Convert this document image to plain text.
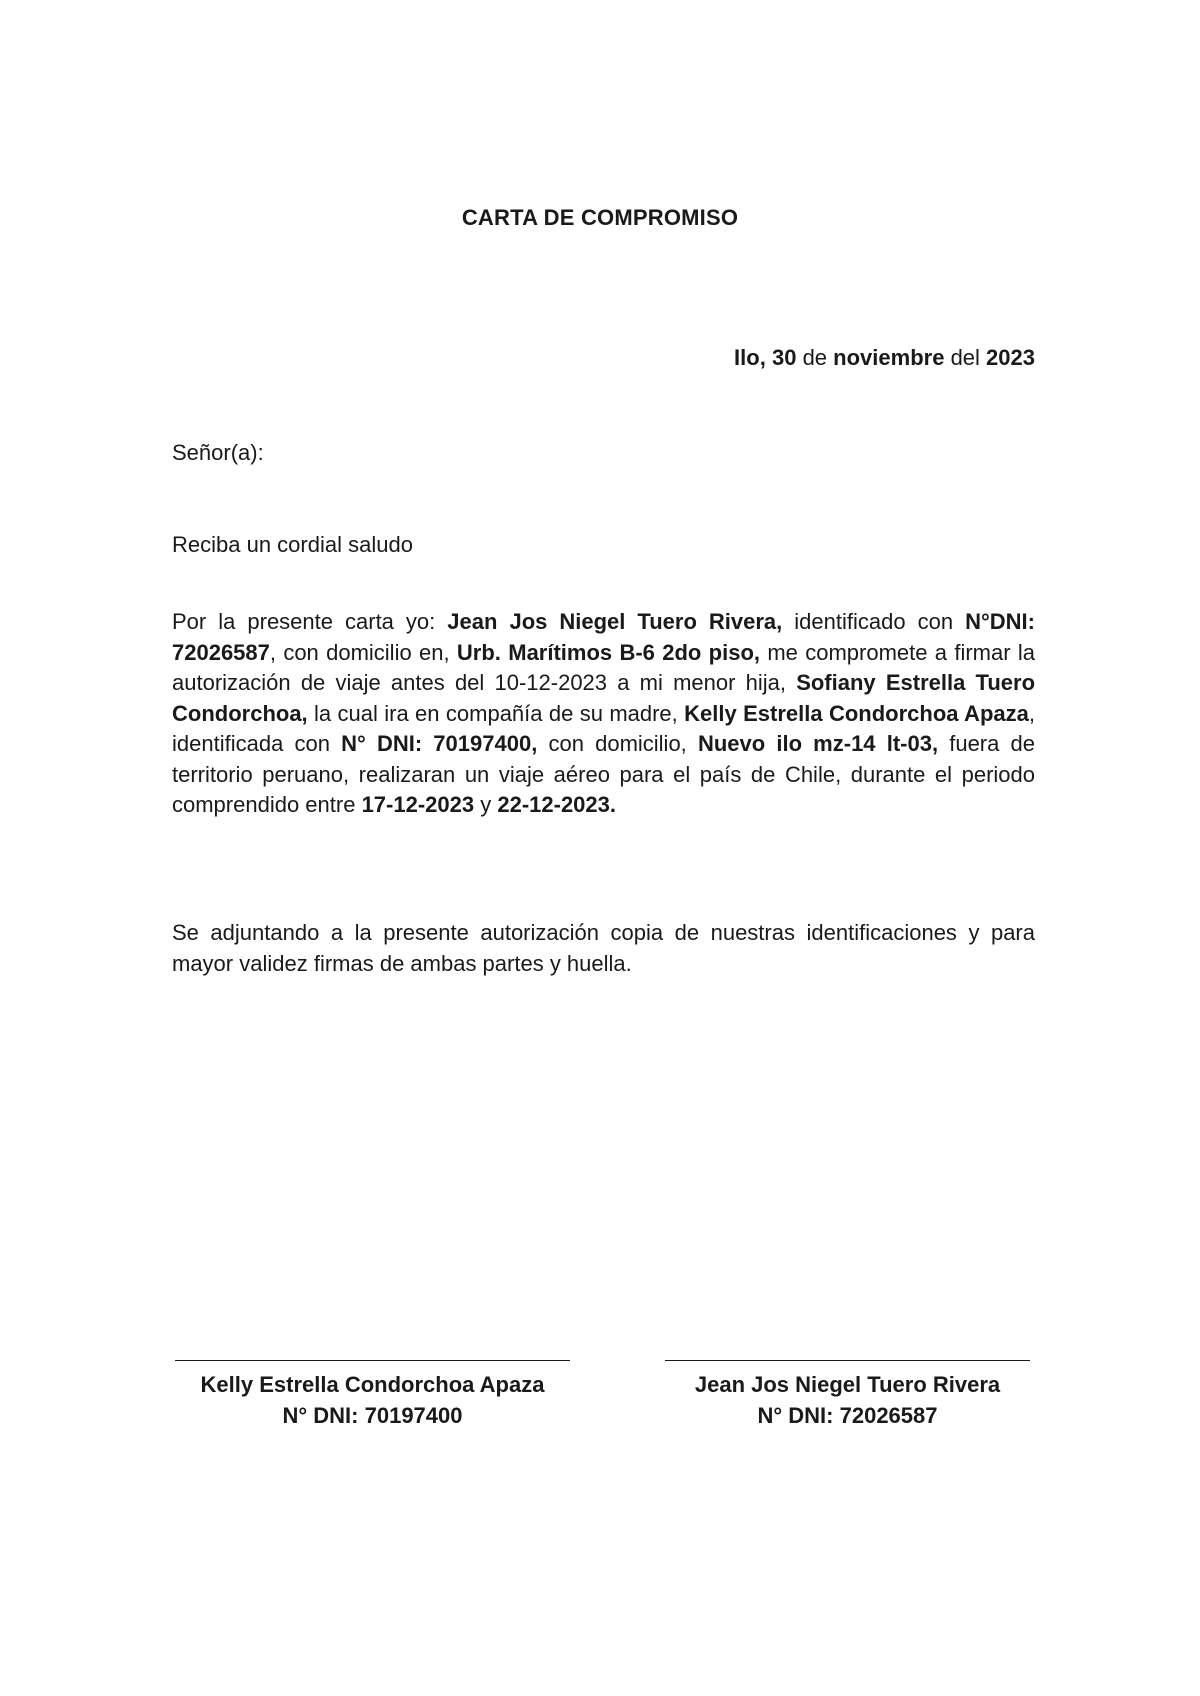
CARTA DE COMPROMISO
Ilo, 30 de noviembre del 2023
Señor(a):
Reciba un cordial saludo
Por la presente carta yo: Jean Jos Niegel Tuero Rivera, identificado con N°DNI: 72026587, con domicilio en, Urb. Marítimos B-6 2do piso, me compromete a firmar la autorización de viaje antes del 10-12-2023 a mi menor hija, Sofiany Estrella Tuero Condorchoa, la cual ira en compañía de su madre, Kelly Estrella Condorchoa Apaza, identificada con N° DNI: 70197400, con domicilio, Nuevo ilo mz-14 lt-03, fuera de territorio peruano, realizaran un viaje aéreo para el país de Chile, durante el periodo comprendido entre 17-12-2023 y 22-12-2023.
Se adjuntando a la presente autorización copia de nuestras identificaciones y para mayor validez firmas de ambas partes y huella.
Kelly Estrella Condorchoa Apaza
N° DNI: 70197400
Jean Jos Niegel Tuero Rivera
N° DNI: 72026587
